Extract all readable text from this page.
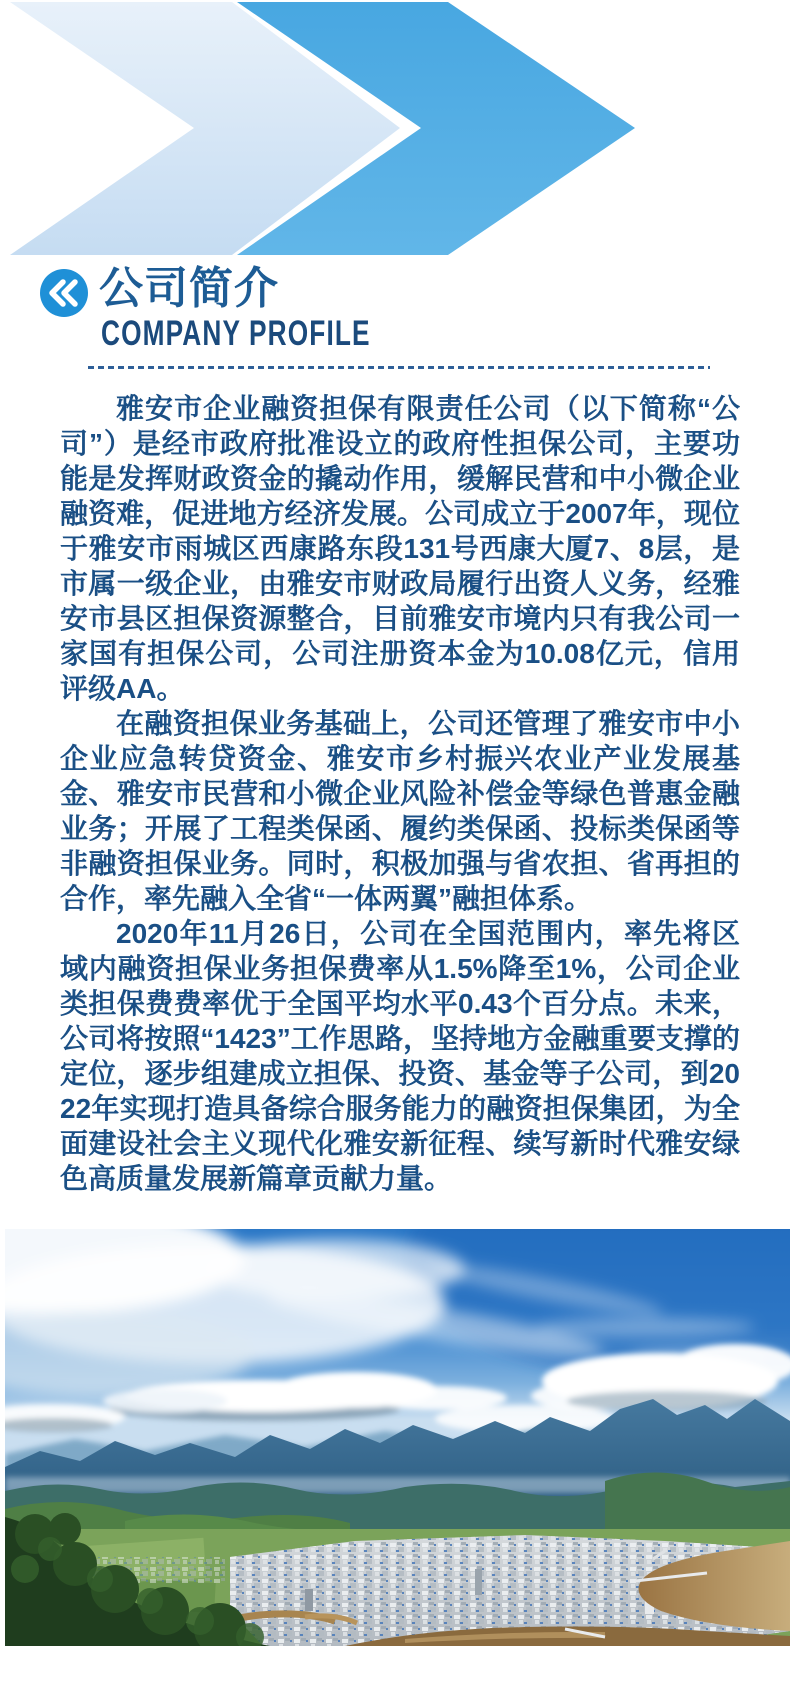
公司简介
COMPANY PROFILE

雅安市企业融资担保有限责任公司（以下简称“公司”）是经市政府批准设立的政府性担保公司，主要功能是发挥财政资金的撬动作用，缓解民营和中小微企业融资难，促进地方经济发展。公司成立于2007年，现位于雅安市雨城区西康路东段131号西康大厦7、8层，是市属一级企业，由雅安市财政局履行出资人义务，经雅安市县区担保资源整合，目前雅安市境内只有我公司一家国有担保公司，公司注册资本金为10.08亿元，信用评级AA。

在融资担保业务基础上，公司还管理了雅安市中小企业应急转贷资金、雅安市乡村振兴农业产业发展基金、雅安市民营和小微企业风险补偿金等绿色普惠金融业务；开展了工程类保函、履约类保函、投标类保函等非融资担保业务。同时，积极加强与省农担、省再担的合作，率先融入全省“一体两翼”融担体系。

2020年11月26日，公司在全国范围内，率先将区域内融资担保业务担保费率从1.5%降至1%，公司企业类担保费费率优于全国平均水平0.43个百分点。未来，公司将按照“1423”工作思路，坚持地方金融重要支撑的定位，逐步组建成立担保、投资、基金等子公司，到2022年实现打造具备综合服务能力的融资担保集团，为全面建设社会主义现代化雅安新征程、续写新时代雅安绿色高质量发展新篇章贡献力量。
